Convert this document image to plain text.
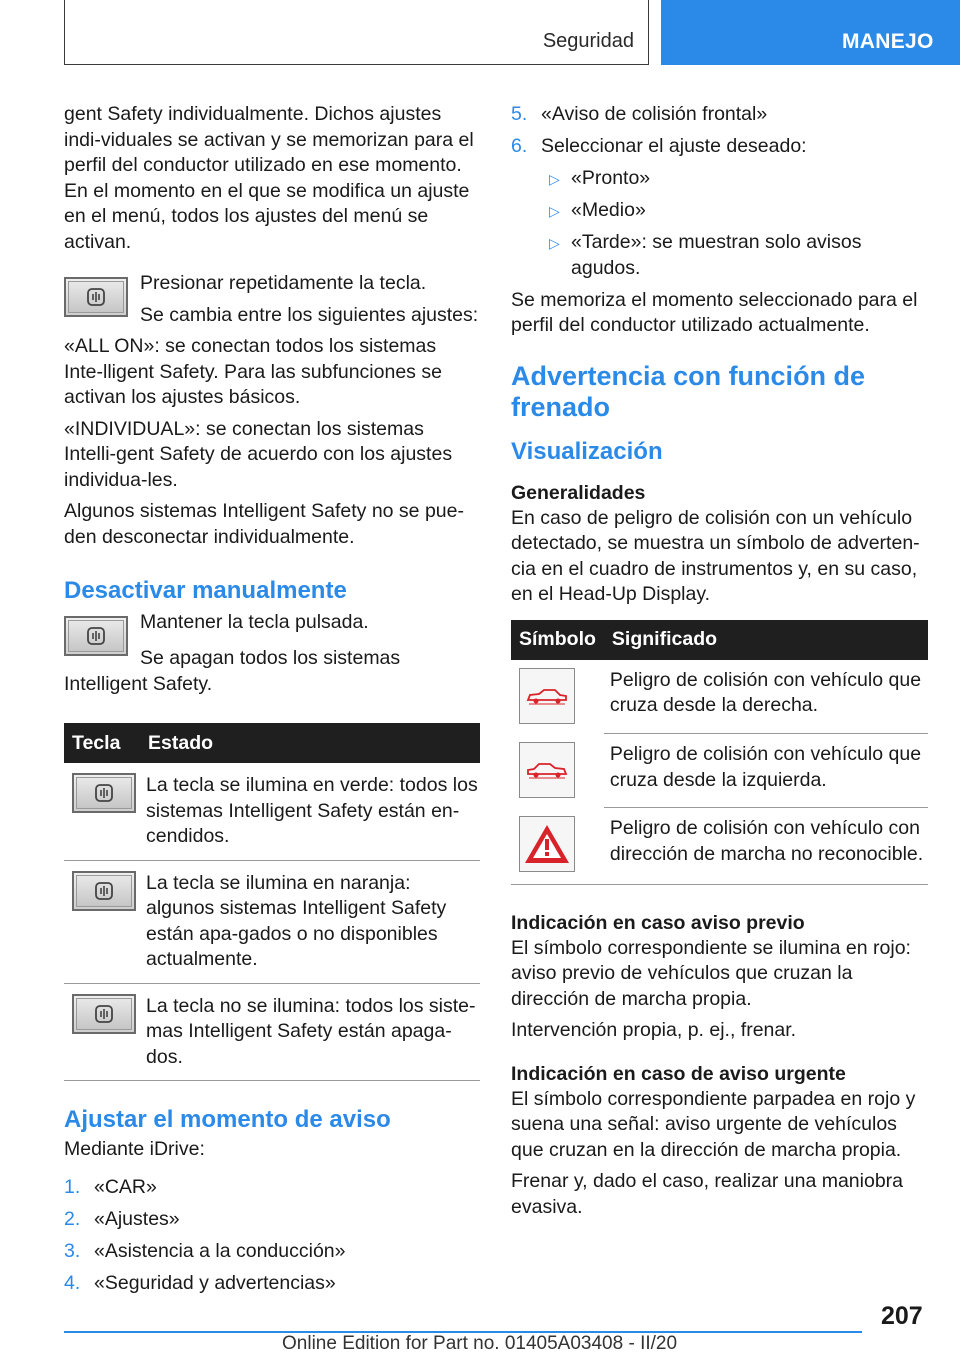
Seguridad	MANEJO

gent Safety individualmente. Dichos ajustes indi-viduales se activan y se memorizan para el perfil del conductor utilizado en ese momento. En el momento en el que se modifica un ajuste en el menú, todos los ajustes del menú se activan.

Presionar repetidamente la tecla.

Se cambia entre los siguientes ajustes:

«ALL ON»: se conectan todos los sistemas Inte-lligent Safety. Para las subfunciones se activan los ajustes básicos.

«INDIVIDUAL»: se conectan los sistemas Intelli-gent Safety de acuerdo con los ajustes individua-les.

Algunos sistemas Intelligent Safety no se pue-den desconectar individualmente.

Desactivar manualmente

Mantener la tecla pulsada.

Se apagan todos los sistemas Intelligent Safety.

Tecla	Estado

	La tecla se ilumina en verde: todos los sistemas Intelligent Safety están en-cendidos.

	La tecla se ilumina en naranja: algunos sistemas Intelligent Safety están apa-gados o no disponibles actualmente.

	La tecla no se ilumina: todos los siste-mas Intelligent Safety están apaga-dos.
Ajustar el momento de aviso

Mediante iDrive:

1. «CAR»
2. «Ajustes»
3. «Asistencia a la conducción»
4. «Seguridad y advertencias»
5. «Aviso de colisión frontal»
6. Seleccionar el ajuste deseado:
▷ «Pronto»
▷ «Medio»
▷ «Tarde»: se muestran solo avisos agudos.

Se memoriza el momento seleccionado para el perfil del conductor utilizado actualmente.

Advertencia con función de frenado
Visualización
Generalidades

En caso de peligro de colisión con un vehículo detectado, se muestra un símbolo de adverten-cia en el cuadro de instrumentos y, en su caso, en el Head-Up Display.

Símbolo	Significado

	Peligro de colisión con vehículo que cruza desde la derecha.

	Peligro de colisión con vehículo que cruza desde la izquierda.

	Peligro de colisión con vehículo con dirección de marcha no reconocible.
Indicación en caso aviso previo

El símbolo correspondiente se ilumina en rojo: aviso previo de vehículos que cruzan la dirección de marcha propia.

Intervención propia, p. ej., frenar.

Indicación en caso de aviso urgente

El símbolo correspondiente parpadea en rojo y suena una señal: aviso urgente de vehículos que cruzan en la dirección de marcha propia.

Frenar y, dado el caso, realizar una maniobra evasiva.

207
Online Edition for Part no. 01405A03408 - II/20
